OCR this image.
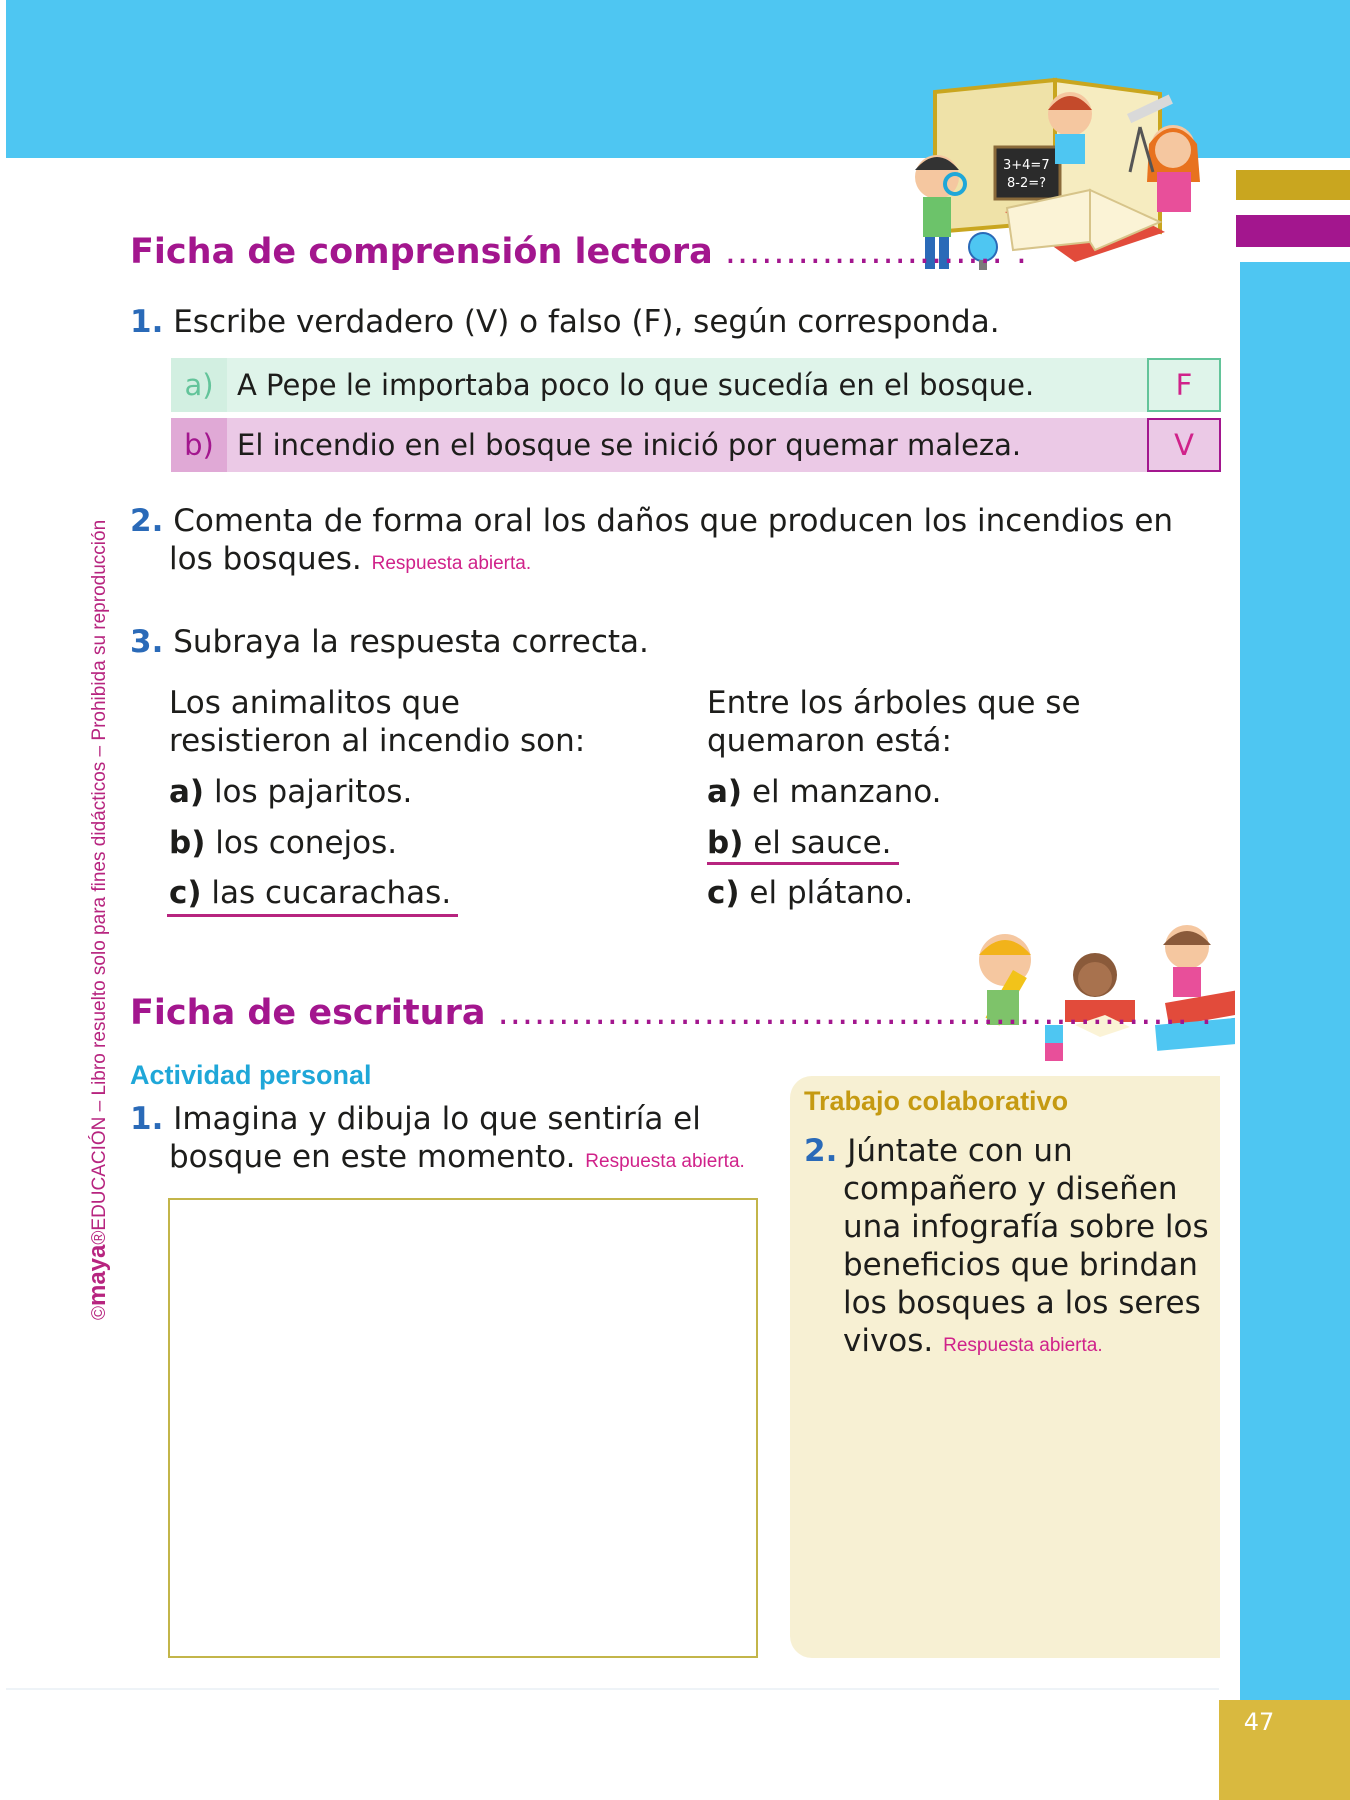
47
©maya®EDUCACIÓN – Libro resuelto solo para fines didácticos – Prohibida su reproducción
3+4=7
8-2=?
Ficha de comprensión lectora ....................... .
1. Escribe verdadero (V) o falso (F), según corresponda.
a) A Pepe le importaba poco lo que sucedía en el bosque.	F
b) El incendio en el bosque se inició por quemar maleza.	V
2. Comenta de forma oral los daños que producen los incendios en
los bosques. Respuesta abierta.
3. Subraya la respuesta correcta.
Los animalitos que
resistieron al incendio son:
a) los pajaritos.
b) los conejos.
c) las cucarachas.
Entre los árboles que se
quemaron está:
a) el manzano.
b) el sauce.
c) el plátano.
Ficha de escritura ......................................................... .
Actividad personal
1. Imagina y dibuja lo que sentiría el
bosque en este momento. Respuesta abierta.
Trabajo colaborativo
2. Júntate con un
compañero y diseñen
una infografía sobre los
beneficios que brindan
los bosques a los seres
vivos. Respuesta abierta.
